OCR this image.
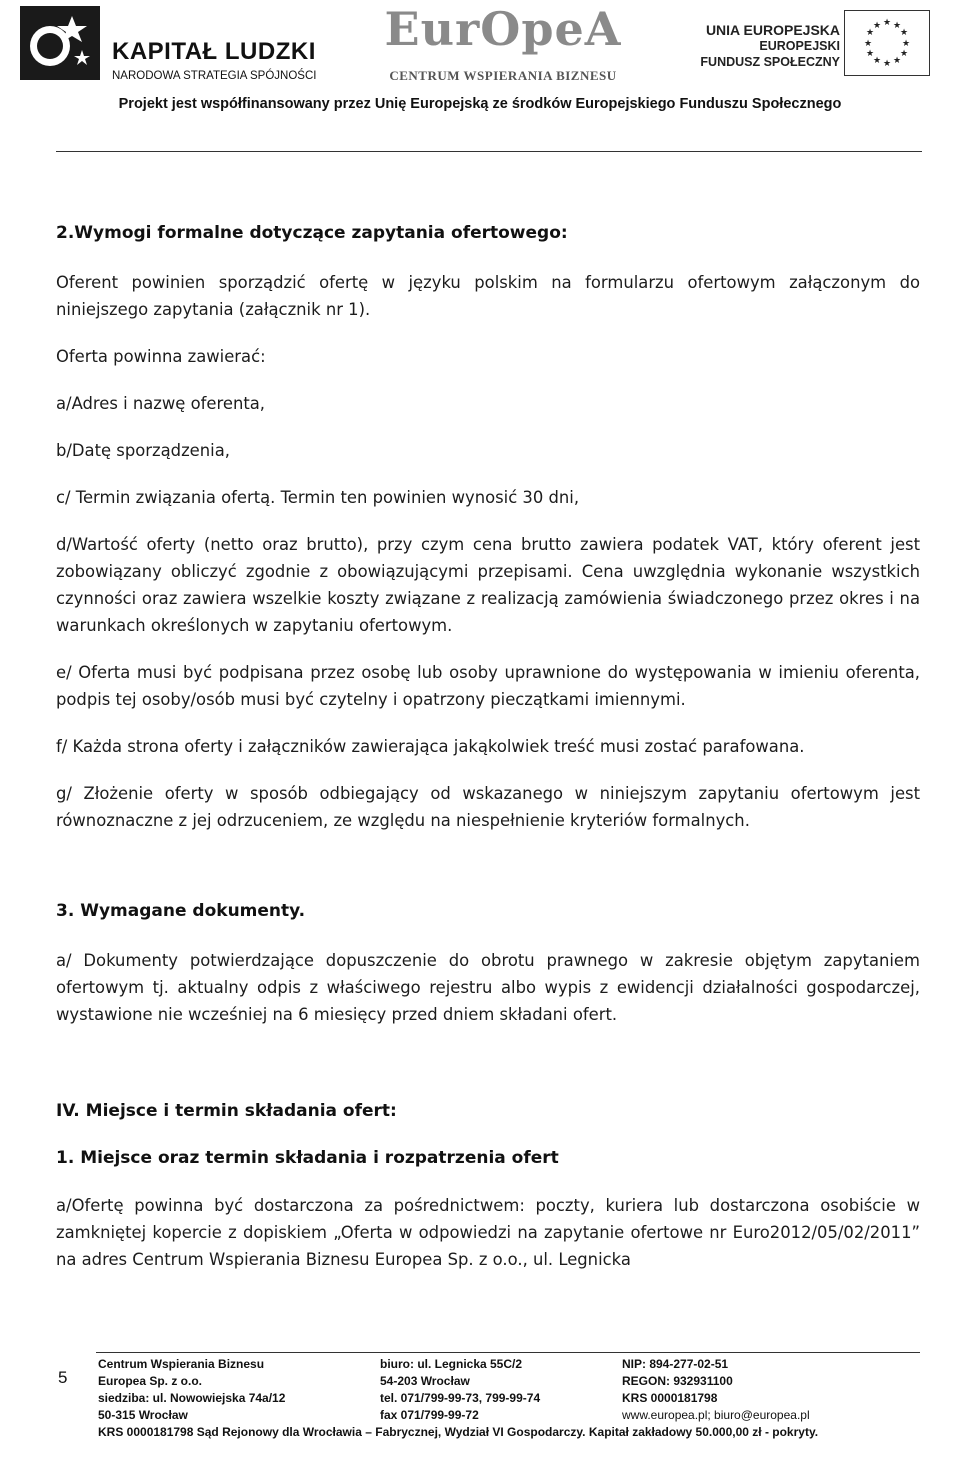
KAPITAŁ LUDZKI
NARODOWA STRATEGIA SPÓJNOŚCI
EurOpeA
CENTRUM WSPIERANIA BIZNESU
UNIA EUROPEJSKA
EUROPEJSKI
FUNDUSZ SPOŁECZNY
★ ★
★
★
★
★
★
★
★
★
★
★
Projekt jest współfinansowany przez Unię Europejską ze środków Europejskiego Funduszu Społecznego

2.Wymogi formalne dotyczące zapytania ofertowego:

Oferent powinien sporządzić ofertę w języku polskim na formularzu ofertowym załączonym do niniejszego zapytania (załącznik nr 1).

Oferta powinna zawierać:

a/Adres i nazwę oferenta,

b/Datę sporządzenia,

c/ Termin związania ofertą. Termin ten powinien wynosić 30 dni,

d/Wartość oferty (netto oraz brutto), przy czym cena brutto zawiera podatek VAT, który oferent jest zobowiązany obliczyć zgodnie z obowiązującymi przepisami. Cena uwzględnia wykonanie wszystkich czynności oraz zawiera wszelkie koszty związane z realizacją zamówienia świadczonego przez okres i na warunkach określonych w zapytaniu ofertowym.

e/ Oferta musi być podpisana przez osobę lub osoby uprawnione do występowania w imieniu oferenta, podpis tej osoby/osób musi być czytelny i opatrzony pieczątkami imiennymi.

f/ Każda strona oferty i załączników zawierająca jakąkolwiek treść musi zostać parafowana.

g/ Złożenie oferty w sposób odbiegający od wskazanego w niniejszym zapytaniu ofertowym jest równoznaczne z jej odrzuceniem, ze względu na niespełnienie kryteriów formalnych.

3. Wymagane dokumenty.

a/ Dokumenty potwierdzające dopuszczenie do obrotu prawnego w zakresie objętym zapytaniem ofertowym tj. aktualny odpis z właściwego rejestru albo wypis z ewidencji działalności gospodarczej, wystawione nie wcześniej na 6 miesięcy przed dniem składani ofert.

IV. Miejsce i termin składania ofert:

1. Miejsce oraz termin składania i rozpatrzenia ofert

a/Ofertę powinna być dostarczona za pośrednictwem: poczty, kuriera lub dostarczona osobiście w zamkniętej kopercie z dopiskiem „Oferta w odpowiedzi na zapytanie ofertowe nr Euro2012/05/02/2011” na adres Centrum Wspierania Biznesu Europea Sp. z o.o., ul. Legnicka

5
Centrum Wspierania Biznesu
Europea Sp. z o.o.
siedziba: ul. Nowowiejska 74a/12
50-315 Wrocław
biuro: ul. Legnicka 55C/2
54-203 Wrocław
tel. 071/799-99-73, 799-99-74
fax 071/799-99-72
NIP: 894-277-02-51
REGON: 932931100
KRS 0000181798
www.europea.pl; biuro@europea.pl
KRS 0000181798 Sąd Rejonowy dla Wrocławia – Fabrycznej, Wydział VI Gospodarczy. Kapitał zakładowy 50.000,00 zł - pokryty.
